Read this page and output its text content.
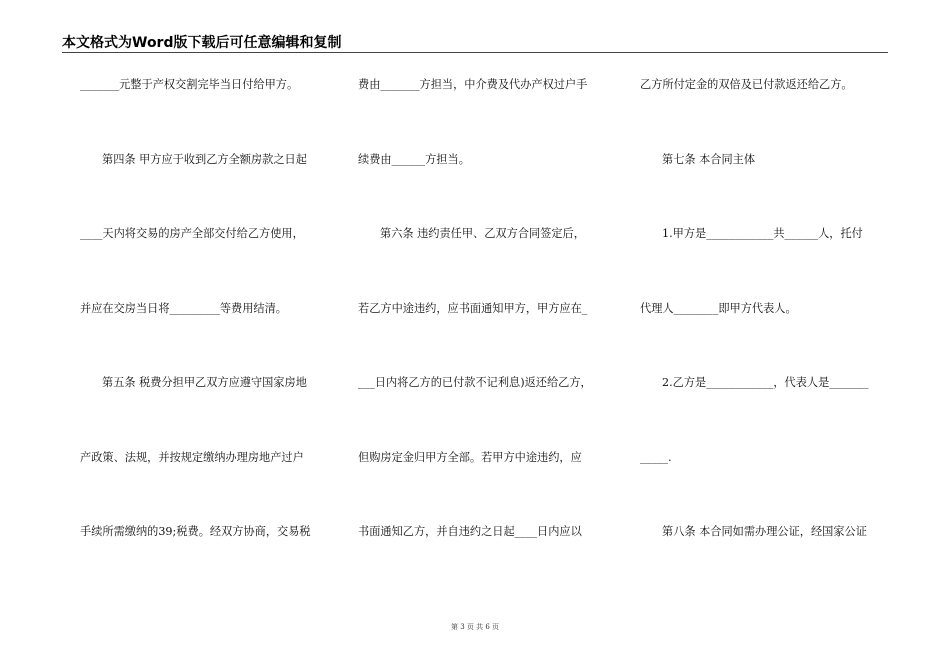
本文格式为Word版下载后可任意编辑和复制
_______元整于产权交割完毕当日付给甲方。
第四条 甲方应于收到乙方全额房款之日起
____天内将交易的房产全部交付给乙方使用，
并应在交房当日将_________等费用结清。
第五条 税费分担甲乙双方应遵守国家房地
产政策、法规，并按规定缴纳办理房地产过户
手续所需缴纳的39;税费。经双方协商，交易税
费由_______方担当，中介费及代办产权过户手
续费由______方担当。
第六条 违约责任甲、乙双方合同签定后，
若乙方中途违约，应书面通知甲方，甲方应在_
___日内将乙方的已付款不记利息)返还给乙方，
但购房定金归甲方全部。若甲方中途违约，应
书面通知乙方，并自违约之日起____日内应以
乙方所付定金的双倍及已付款返还给乙方。
第七条 本合同主体
1.甲方是____________共______人，托付
代理人________即甲方代表人。
2.乙方是____________，代表人是_______
_____.
第八条 本合同如需办理公证，经国家公证
第 3 页 共 6 页
